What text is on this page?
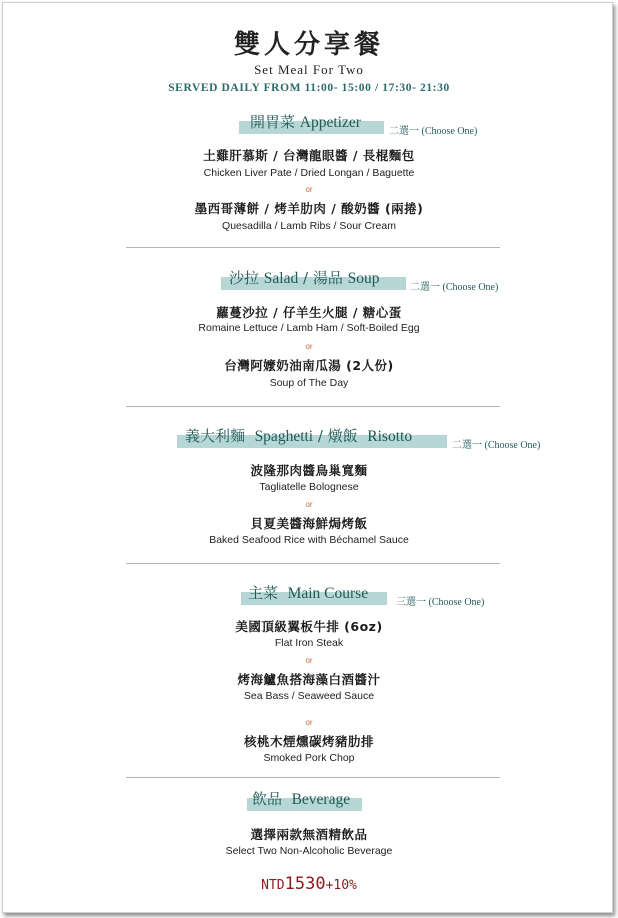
雙人分享餐
Set Meal For Two
SERVED DAILY FROM 11:00- 15:00 / 17:30- 21:30
開胃菜 Appetizer
二選一 (Choose One)
土雞肝慕斯 / 台灣龍眼醬 / 長棍麵包
Chicken Liver Pate / Dried Longan / Baguette
or
墨西哥薄餅 / 烤羊肋肉 / 酸奶醬 (兩捲)
Quesadilla / Lamb Ribs / Sour Cream
沙拉 Salad / 湯品 Soup
二選一 (Choose One)
蘿蔓沙拉 / 仔羊生火腿 / 糖心蛋
Romaine Lettuce / Lamb Ham / Soft-Boiled Egg
or
台灣阿嬤奶油南瓜湯 (2人份)
Soup of The Day
義大利麵 Spaghetti / 燉飯 Risotto
二選一 (Choose One)
波隆那肉醬鳥巢寬麵
Tagliatelle Bolognese
or
貝夏美醬海鮮焗烤飯
Baked Seafood Rice with Béchamel Sauce
主菜 Main Course
三選一 (Choose One)
美國頂級翼板牛排 (6oz)
Flat Iron Steak
or
烤海鱸魚搭海藻白酒醬汁
Sea Bass / Seaweed Sauce
or
核桃木煙燻碳烤豬肋排
Smoked Pork Chop
飲品 Beverage
選擇兩款無酒精飲品
Select Two Non-Alcoholic Beverage
NTD1530+10%
